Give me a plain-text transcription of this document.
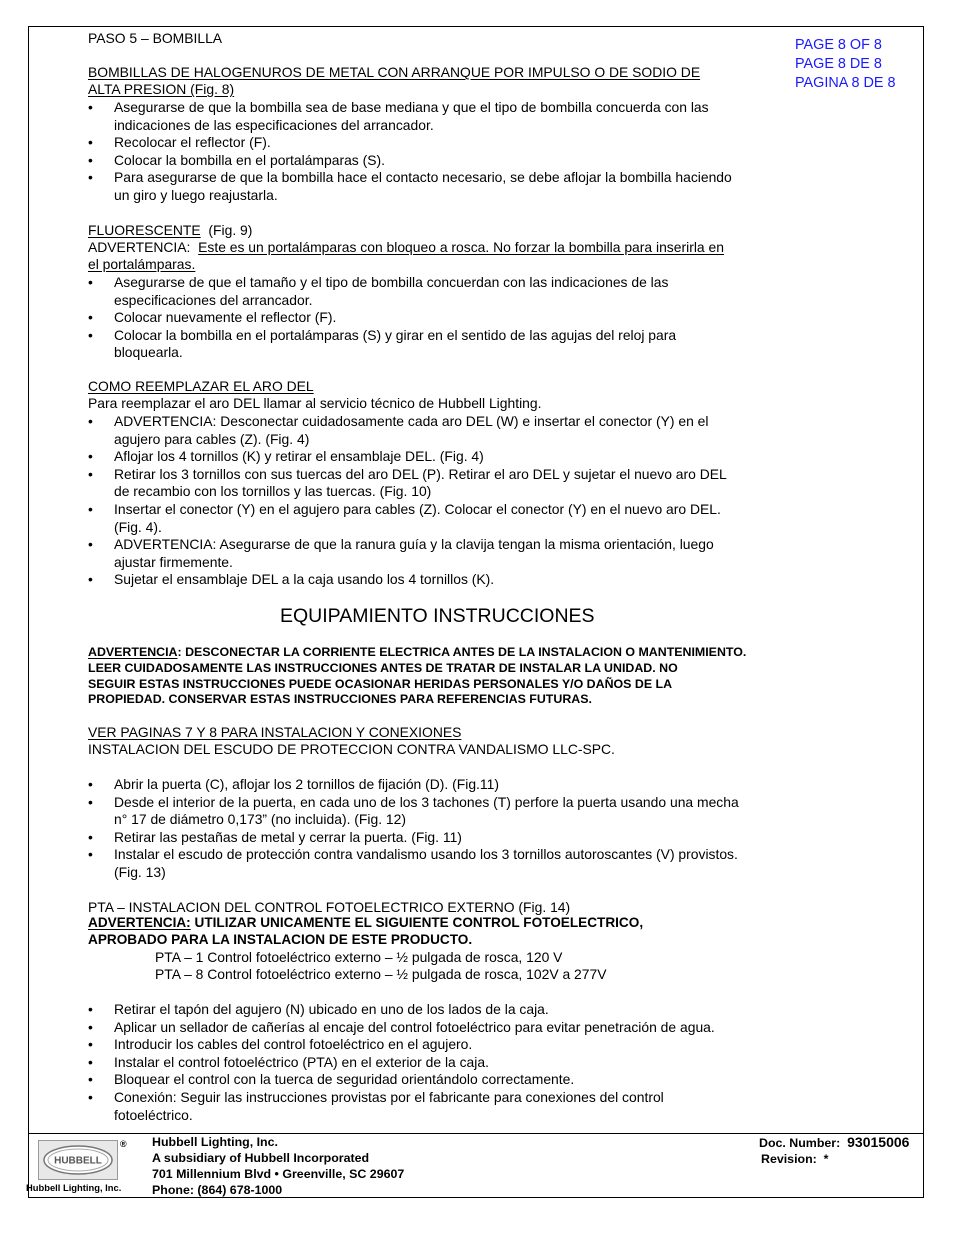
PAGE 8 OF 8
PAGE 8 DE 8
PAGINA 8 DE 8
PASO 5 – BOMBILLA
BOMBILLAS DE HALOGENUROS DE METAL CON ARRANQUE POR IMPULSO O DE SODIO DE
ALTA PRESION (Fig. 8)
•	Asegurarse de que la bombilla sea de base mediana y que el tipo de bombilla concuerda con las
indicaciones de las especificaciones del arrancador.
•	Recolocar el reflector (F).
•	Colocar la bombilla en el portalámparas (S).
•	Para asegurarse de que la bombilla hace el contacto necesario, se debe aflojar la bombilla haciendo
un giro y luego reajustarla.
FLUORESCENTE (Fig. 9)
ADVERTENCIA: Este es un portalámparas con bloqueo a rosca. No forzar la bombilla para inserirla en
el portalámparas.
•	Asegurarse de que el tamaño y el tipo de bombilla concuerdan con las indicaciones de las
especificaciones del arrancador.
•	Colocar nuevamente el reflector (F).
•	Colocar la bombilla en el portalámparas (S) y girar en el sentido de las agujas del reloj para
bloquearla.
COMO REEMPLAZAR EL ARO DEL
Para reemplazar el aro DEL llamar al servicio técnico de Hubbell Lighting.
•	ADVERTENCIA: Desconectar cuidadosamente cada aro DEL (W) e insertar el conector (Y) en el
agujero para cables (Z). (Fig. 4)
•	Aflojar los 4 tornillos (K) y retirar el ensamblaje DEL. (Fig. 4)
•	Retirar los 3 tornillos con sus tuercas del aro DEL (P). Retirar el aro DEL y sujetar el nuevo aro DEL
de recambio con los tornillos y las tuercas. (Fig. 10)
•	Insertar el conector (Y) en el agujero para cables (Z). Colocar el conector (Y) en el nuevo aro DEL.
(Fig. 4).
•	ADVERTENCIA: Asegurarse de que la ranura guía y la clavija tengan la misma orientación, luego
ajustar firmemente.
•	Sujetar el ensamblaje DEL a la caja usando los 4 tornillos (K).
EQUIPAMIENTO INSTRUCCIONES
ADVERTENCIA: DESCONECTAR LA CORRIENTE ELECTRICA ANTES DE LA INSTALACION O MANTENIMIENTO.
LEER CUIDADOSAMENTE LAS INSTRUCCIONES ANTES DE TRATAR DE INSTALAR LA UNIDAD. NO
SEGUIR ESTAS INSTRUCCIONES PUEDE OCASIONAR HERIDAS PERSONALES Y/O DAÑOS DE LA
PROPIEDAD. CONSERVAR ESTAS INSTRUCCIONES PARA REFERENCIAS FUTURAS.
VER PAGINAS 7 Y 8 PARA INSTALACION Y CONEXIONES
INSTALACION DEL ESCUDO DE PROTECCION CONTRA VANDALISMO LLC-SPC.
•	Abrir la puerta (C), aflojar los 2 tornillos de fijación (D). (Fig.11)
•	Desde el interior de la puerta, en cada uno de los 3 tachones (T) perfore la puerta usando una mecha
n° 17 de diámetro 0,173” (no incluida). (Fig. 12)
•	Retirar las pestañas de metal y cerrar la puerta. (Fig. 11)
•	Instalar el escudo de protección contra vandalismo usando los 3 tornillos autoroscantes (V) provistos.
(Fig. 13)
PTA – INSTALACION DEL CONTROL FOTOELECTRICO EXTERNO (Fig. 14)
ADVERTENCIA: UTILIZAR UNICAMENTE EL SIGUIENTE CONTROL FOTOELECTRICO,
APROBADO PARA LA INSTALACION DE ESTE PRODUCTO.
PTA – 1 Control fotoeléctrico externo – ½ pulgada de rosca, 120 V
PTA – 8 Control fotoeléctrico externo – ½ pulgada de rosca, 102V a 277V
•	Retirar el tapón del agujero (N) ubicado en uno de los lados de la caja.
•	Aplicar un sellador de cañerías al encaje del control fotoeléctrico para evitar penetración de agua.
•	Introducir los cables del control fotoeléctrico en el agujero.
•	Instalar el control fotoeléctrico (PTA) en el exterior de la caja.
•	Bloquear el control con la tuerca de seguridad orientándolo correctamente.
•	Conexión: Seguir las instrucciones provistas por el fabricante para conexiones del control
fotoeléctrico.
HUBBELL
®
Hubbell Lighting, Inc.
Hubbell Lighting, Inc.
A subsidiary of Hubbell Incorporated
701 Millennium Blvd • Greenville, SC 29607
Phone: (864) 678-1000
Doc. Number: 93015006
Revision: *
